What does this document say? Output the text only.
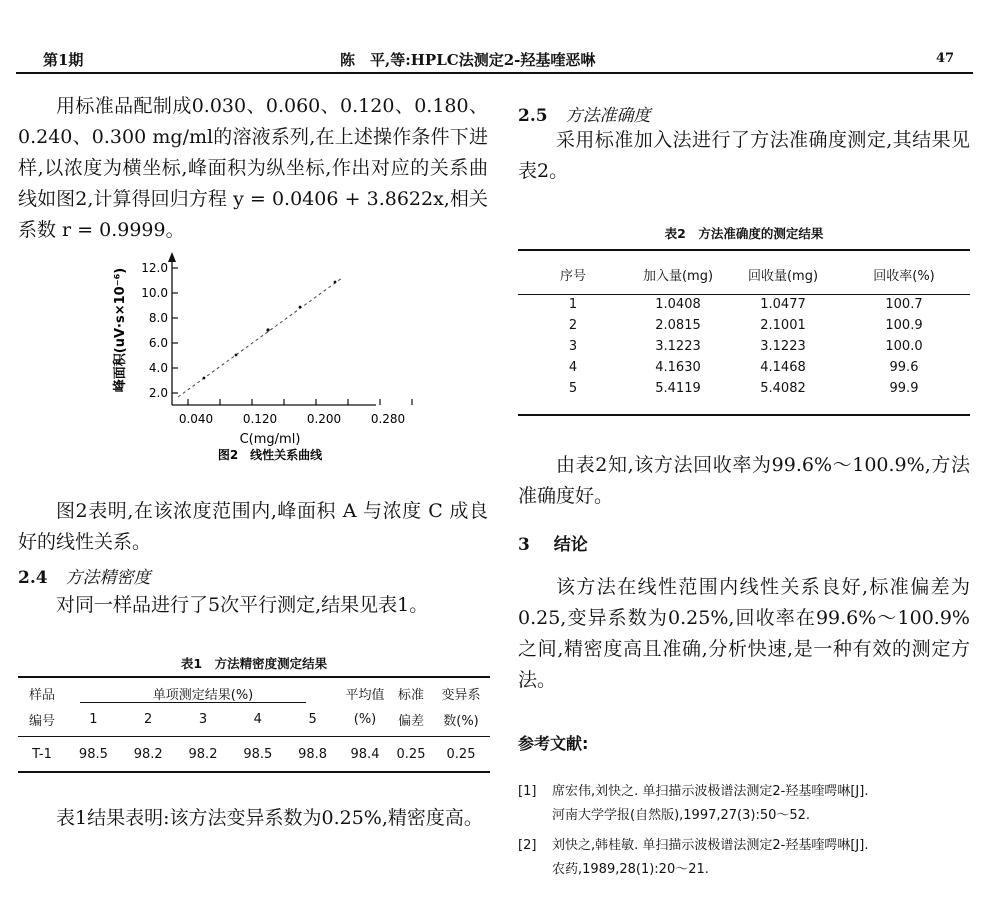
第1期	陈　平,等:HPLC法测定2-羟基喹恶啉	47

用标准品配制成0.030、0.060、0.120、0.180、0.240、0.300 mg/ml的溶液系列,在上述操作条件下进样,以浓度为横坐标,峰面积为纵坐标,作出对应的关系曲线如图2,计算得回归方程 y = 0.0406 + 3.8622x,相关系数 r = 0.9999。

峰面积(uV·s×10⁻⁶)
2.0
4.0
6.0
8.0
10.0
12.0
0.040 0.120 0.200 0.280
C(mg/ml)
图2　线性关系曲线

图2表明,在该浓度范围内,峰面积 A 与浓度 C 成良好的线性关系。

2.4 方法精密度

对同一样品进行了5次平行测定,结果见表1。

表1　方法精密度测定结果
样品	单项测定结果(%)					平均值	标准	变异系
编号	1	2	3	4	5	(%)	偏差	数(%)
T-1	98.5	98.2	98.2	98.5	98.8	98.4	0.25	0.25

表1结果表明:该方法变异系数为0.25%,精密度高。

2.5 方法准确度

采用标准加入法进行了方法准确度测定,其结果见表2。

表2　方法准确度的测定结果
序号	加入量(mg)	回收量(mg)	回收率(%)
1	1.0408	1.0477	100.7
2	2.0815	2.1001	100.9
3	3.1223	3.1223	100.0
4	4.1630	4.1468	99.6
5	5.4119	5.4082	99.9

由表2知,该方法回收率为99.6%～100.9%,方法准确度好。

3 结论

该方法在线性范围内线性关系良好,标准偏差为0.25,变异系数为0.25%,回收率在99.6%～100.9%之间,精密度高且准确,分析快速,是一种有效的测定方法。

参考文献:
[1]	席宏伟,刘快之. 单扫描示波极谱法测定2-羟基喹㗁啉[J].
河南大学学报(自然版),1997,27(3):50～52.
[2]	刘快之,韩桂敏. 单扫描示波极谱法测定2-羟基喹㗁啉[J].
农药,1989,28(1):20～21.
